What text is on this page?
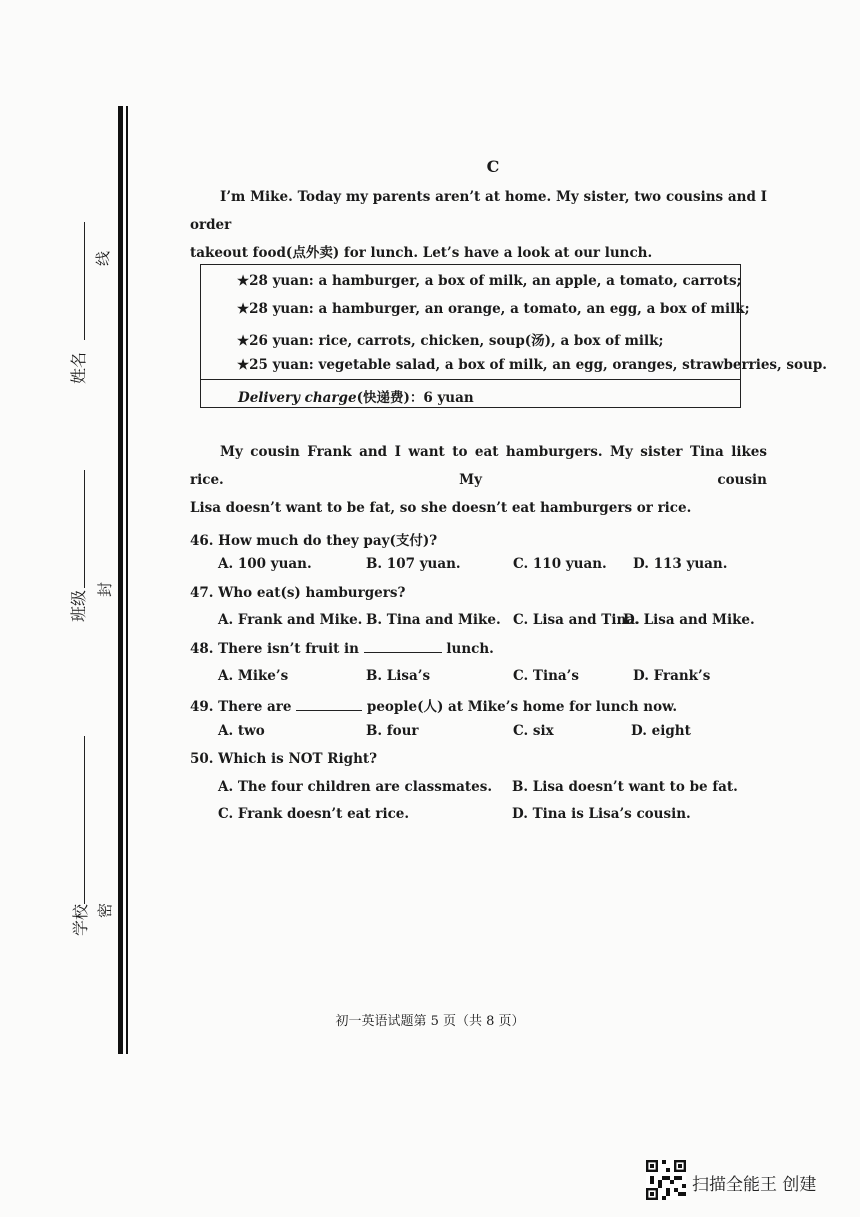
姓名
线
班级
封
学校 密
C
I’m Mike. Today my parents aren’t at home. My sister, two cousins and I order
takeout food(点外卖) for lunch. Let’s have a look at our lunch.
★28 yuan: a hamburger, a box of milk, an apple, a tomato, carrots;
★28 yuan: a hamburger, an orange, a tomato, an egg, a box of milk;
★26 yuan: rice, carrots, chicken, soup(汤), a box of milk;
★25 yuan: vegetable salad, a box of milk, an egg, oranges, strawberries, soup.
Delivery charge(快递费)：6 yuan
My cousin Frank and I want to eat hamburgers. My sister Tina likes rice. My cousin
Lisa doesn’t want to be fat, so she doesn’t eat hamburgers or rice.
46. How much do they pay(支付)?
A. 100 yuan.	B. 107 yuan.	C. 110 yuan. D. 113 yuan.
47. Who eat(s) hamburgers?
A. Frank and Mike. B. Tina and Mike. C. Lisa and Tina.
D. Lisa and Mike.
48. There isn’t fruit in	lunch.
A. Mike’s	B. Lisa’s	C. Tina’s	D. Frank’s
49. There are	people(人) at Mike’s home for lunch now.
A. two	B. four	C. six	D. eight
50. Which is NOT Right?
A. The four children are classmates. B. Lisa doesn’t want to be fat.
C. Frank doesn’t eat rice.	D. Tina is Lisa’s cousin.
初一英语试题第 5 页（共 8 页）
扫描全能王 创建
